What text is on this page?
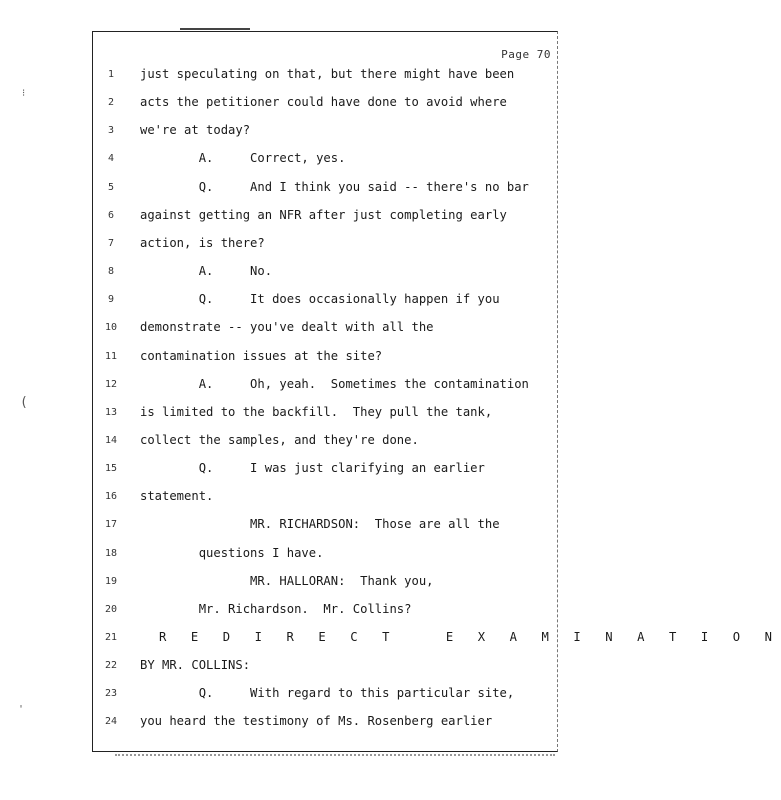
⁝
(
'
Page 70
1	just speculating on that, but there might have been
2	acts the petitioner could have done to avoid where
3	we're at today?
4	A.     Correct, yes.
5	Q.     And I think you said -- there's no bar
6	against getting an NFR after just completing early
7	action, is there?
8	A.     No.
9	Q.     It does occasionally happen if you
10	demonstrate -- you've dealt with all the
11	contamination issues at the site?
12	A.     Oh, yeah.  Sometimes the contamination
13	is limited to the backfill.  They pull the tank,
14	collect the samples, and they're done.
15	Q.     I was just clarifying an earlier
16	statement.
17	MR. RICHARDSON:  Those are all the
18	questions I have.
19	MR. HALLORAN:  Thank you,
20	Mr. Richardson.  Mr. Collins?
21	R E D I R E C T   E X A M I N A T I O N
22	BY MR. COLLINS:
23	Q.     With regard to this particular site,
24	you heard the testimony of Ms. Rosenberg earlier
